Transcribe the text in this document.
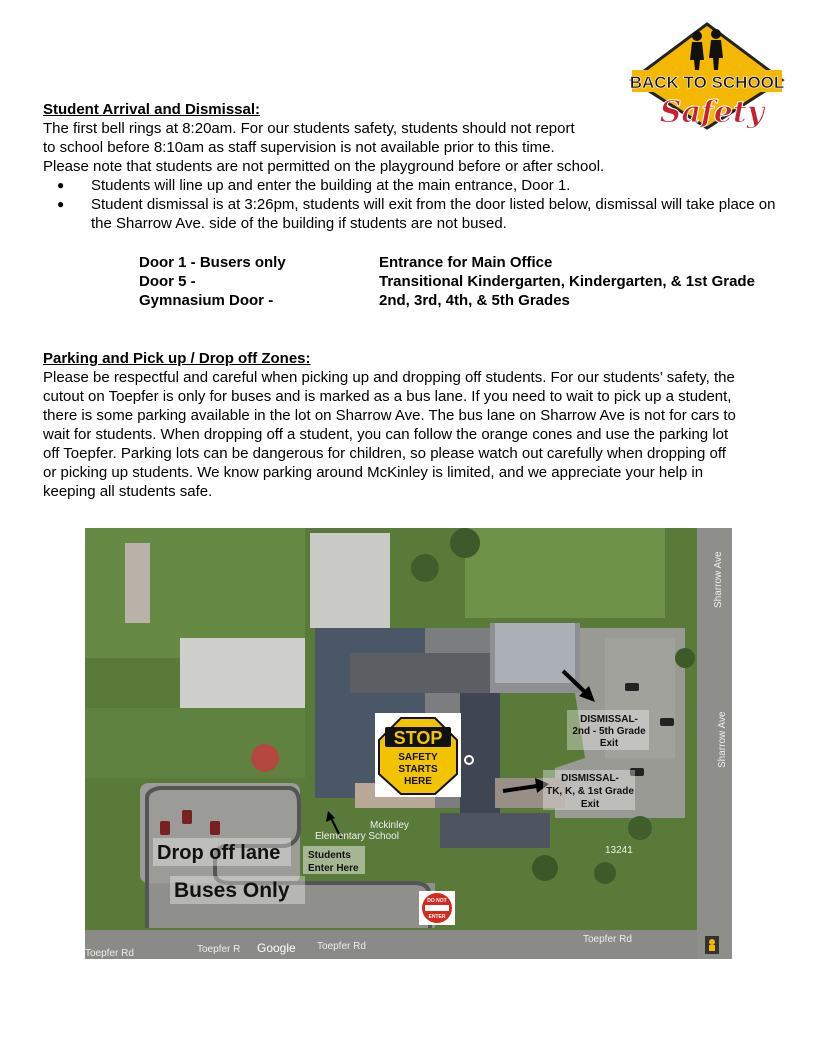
BACK TO SCHOOL
Safety
Student Arrival and Dismissal:
The first bell rings at 8:20am. For our students safety, students should not report
to school before 8:10am as staff supervision is not available prior to this time.
Please note that students are not permitted on the playground before or after school.
● Students will line up and enter the building at the main entrance, Door 1.
● Student dismissal is at 3:26pm, students will exit from the door listed below, dismissal will take place on the Sharrow Ave. side of the building if students are not bused.
Door 1 - Busers only	Entrance for Main Office
Door 5 -	Transitional Kindergarten, Kindergarten, & 1st Grade
Gymnasium Door -	2nd, 3rd, 4th, & 5th Grades
Parking and Pick up / Drop off Zones:
Please be respectful and careful when picking up and dropping off students. For our students’ safety, the
cutout on Toepfer is only for buses and is marked as a bus lane. If you need to wait to pick up a student,
there is some parking available in the lot on Sharrow Ave. The bus lane on Sharrow Ave is not for cars to
wait for students. When dropping off a student, you can follow the orange cones and use the parking lot
off Toepfer. Parking lots can be dangerous for children, so please watch out carefully when dropping off
or picking up students. We know parking around McKinley is limited, and we appreciate your help in
keeping all students safe.
STOP
SAFETY
STARTS
HERE
DISMISSAL-
2nd - 5th Grade
Exit
DISMISSAL-
TK, K, & 1st Grade
Exit
Students
Enter Here
Mckinley
Elementary School
13241
Drop off lane
Buses Only	DO NOT
ENTER
Toepfer Rd	Toepfer R Google Toepfer Rd
Toepfer Rd
Sharrow Ave
Sharrow Ave
